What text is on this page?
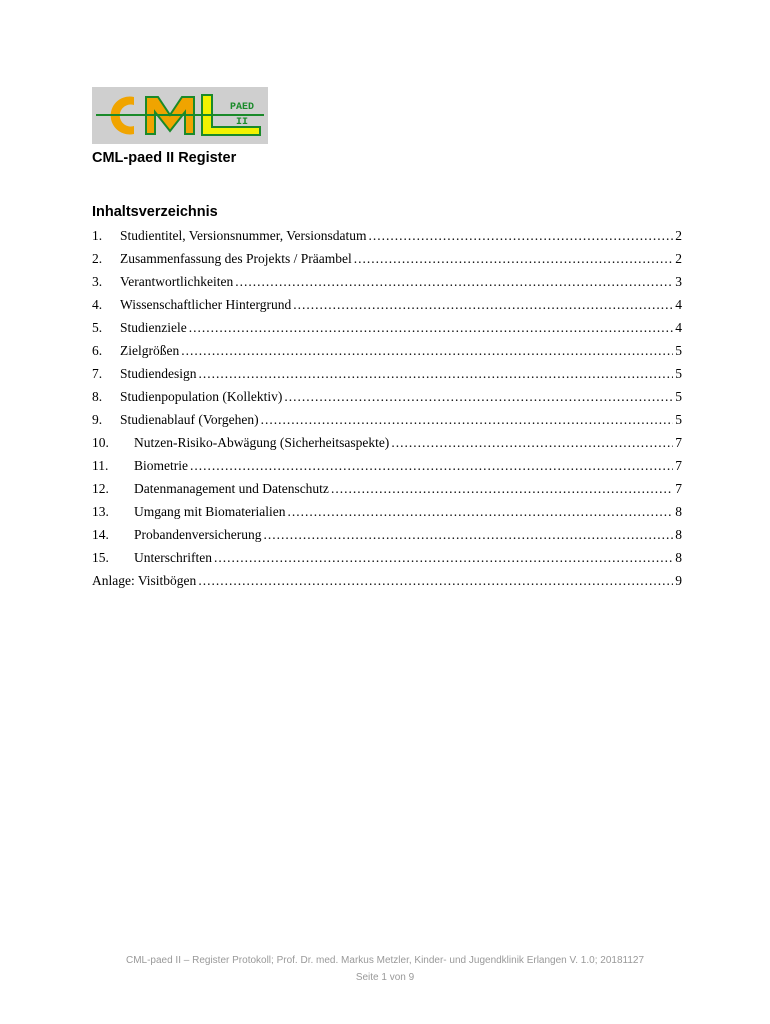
PAED
II
CML-paed II Register
Inhaltsverzeichnis
1.	Studientitel, Versionsnummer, Versionsdatum .....	2
2.	Zusammenfassung des Projekts / Präambel .....	2
3.	Verantwortlichkeiten .....	3
4.	Wissenschaftlicher Hintergrund .....	4
5.	Studienziele .....	4
6.	Zielgrößen .....	5
7.	Studiendesign .....	5
8.	Studienpopulation (Kollektiv) .....	5
9.	Studienablauf (Vorgehen) .....	5
10.	Nutzen-Risiko-Abwägung (Sicherheitsaspekte) .....	7
11.	Biometrie .....	7
12.	Datenmanagement und Datenschutz .....	7
13.	Umgang mit Biomaterialien .....	8
14.	Probandenversicherung .....	8
15.	Unterschriften .....	8
Anlage: Visitbögen .....	9
CML-paed II – Register Protokoll; Prof. Dr. med. Markus Metzler, Kinder- und Jugendklinik Erlangen V. 1.0; 20181127
Seite 1 von 9
